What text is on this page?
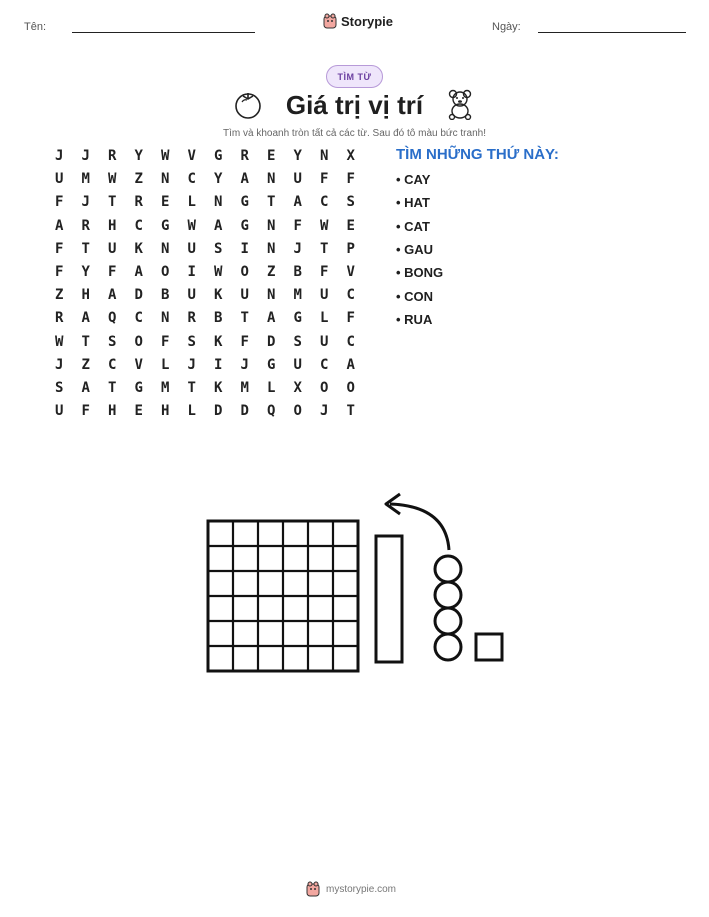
Tên:	Storypie	Ngày:
TÌM TỪ
Giá trị vị trí
Tìm và khoanh tròn tất cả các từ. Sau đó tô màu bức tranh!
J	J	R	Y	W	V	G	R	E	Y	N	X
U	M	W	Z	N	C	Y	A	N	U	F	F
F	J	T	R	E	L	N	G	T	A	C	S
A	R	H	C	G	W	A	G	N	F	W	E
F	T	U	K	N	U	S	I	N	J	T	P
F	Y	F	A	O	I	W	O	Z	B	F	V
Z	H	A	D	B	U	K	U	N	M	U	C
R	A	Q	C	N	R	B	T	A	G	L	F
W	T	S	O	F	S	K	F	D	S	U	C
J	Z	C	V	L	J	I	J	G	U	C	A
S	A	T	G	M	T	K	M	L	X	O	O
U	F	H	E	H	L	D	D	Q	O	J	T
TÌM NHỮNG THỨ NÀY:
• CAY
• HAT
• CAT
• GAU
• BONG
• CON
• RUA
mystorypie.com
